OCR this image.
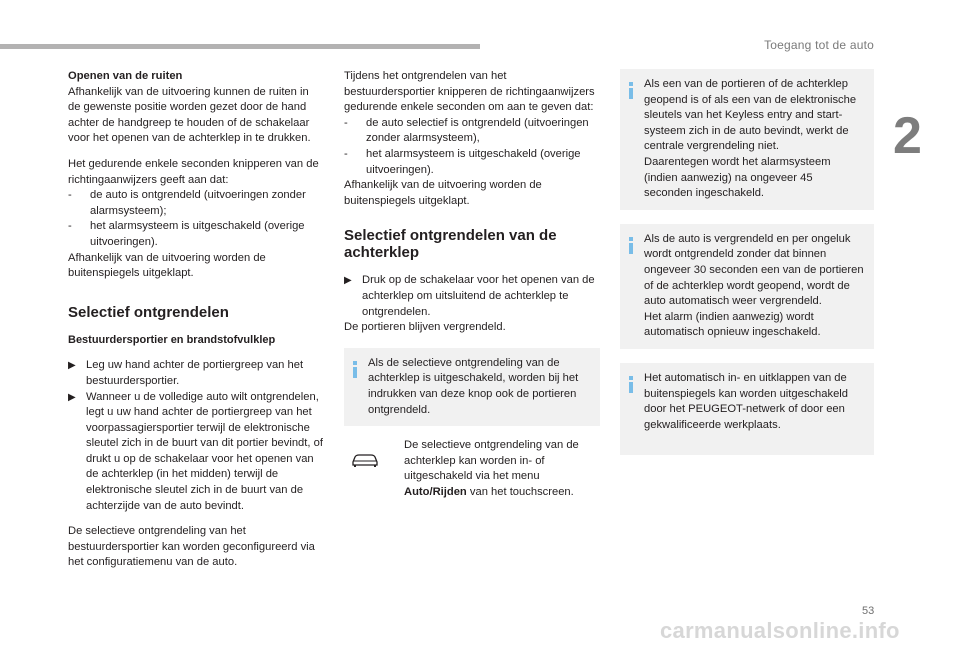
Toegang tot de auto
2

Openen van de ruiten

Afhankelijk van de uitvoering kunnen de ruiten in de gewenste positie worden gezet door de hand achter de handgreep te houden of de schakelaar voor het openen van de achterklep in te drukken.

Het gedurende enkele seconden knipperen van de richtingaanwijzers geeft aan dat:

-	de auto is ontgrendeld (uitvoeringen zonder alarmsysteem);
-	het alarmsysteem is uitgeschakeld (overige uitvoeringen).

Afhankelijk van de uitvoering worden de buitenspiegels uitgeklapt.

Selectief ontgrendelen

Bestuurdersportier en brandstofvulklep

▶ Leg uw hand achter de portiergreep van het bestuurdersportier.
▶ Wanneer u de volledige auto wilt ontgrendelen, legt u uw hand achter de portiergreep van het voorpassagiersportier terwijl de elektronische sleutel zich in de buurt van dit portier bevindt, of drukt u op de schakelaar voor het openen van de achterklep (in het midden) terwijl de elektronische sleutel zich in de buurt van de achterzijde van de auto bevindt.

De selectieve ontgrendeling van het bestuurdersportier kan worden geconfigureerd via het configuratiemenu van de auto.

Tijdens het ontgrendelen van het bestuurdersportier knipperen de richtingaanwijzers gedurende enkele seconden om aan te geven dat:

-	de auto selectief is ontgrendeld (uitvoeringen zonder alarmsysteem),
-	het alarmsysteem is uitgeschakeld (overige uitvoeringen).

Afhankelijk van de uitvoering worden de buitenspiegels uitgeklapt.

Selectief ontgrendelen van de achterklep

▶ Druk op de schakelaar voor het openen van de achterklep om uitsluitend de achterklep te ontgrendelen.

De portieren blijven vergrendeld.

Als de selectieve ontgrendeling van de achterklep is uitgeschakeld, worden bij het indrukken van deze knop ook de portieren ontgrendeld.

De selectieve ontgrendeling van de achterklep kan worden in- of uitgeschakeld via het menu Auto/Rijden van het touchscreen.

Als een van de portieren of de achterklep geopend is of als een van de elektronische sleutels van het Keyless entry and start-systeem zich in de auto bevindt, werkt de centrale vergrendeling niet.

Daarentegen wordt het alarmsysteem (indien aanwezig) na ongeveer 45 seconden ingeschakeld.

Als de auto is vergrendeld en per ongeluk wordt ontgrendeld zonder dat binnen ongeveer 30 seconden een van de portieren of de achterklep wordt geopend, wordt de auto automatisch weer vergrendeld.

Het alarm (indien aanwezig) wordt automatisch opnieuw ingeschakeld.

Het automatisch in- en uitklappen van de buitenspiegels kan worden uitgeschakeld door het PEUGEOT-netwerk of door een gekwalificeerde werkplaats.

53
carmanualsonline.info
